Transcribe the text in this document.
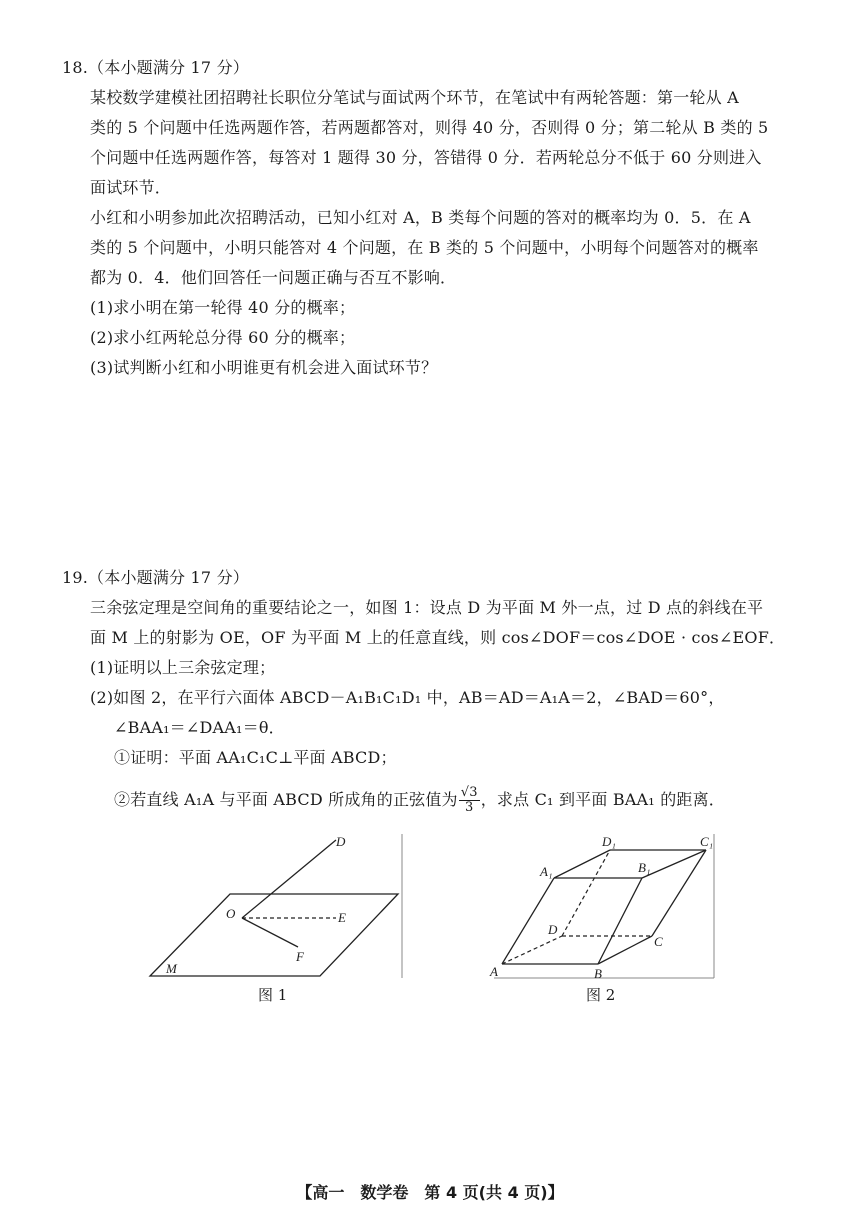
18.（本小题满分 17 分）
某校数学建模社团招聘社长职位分笔试与面试两个环节，在笔试中有两轮答题：第一轮从 A
类的 5 个问题中任选两题作答，若两题都答对，则得 40 分，否则得 0 分；第二轮从 B 类的 5
个问题中任选两题作答，每答对 1 题得 30 分，答错得 0 分．若两轮总分不低于 60 分则进入
面试环节．
小红和小明参加此次招聘活动，已知小红对 A，B 类每个问题的答对的概率均为 0．5．在 A
类的 5 个问题中，小明只能答对 4 个问题，在 B 类的 5 个问题中，小明每个问题答对的概率
都为 0．4．他们回答任一问题正确与否互不影响．
(1)求小明在第一轮得 40 分的概率；
(2)求小红两轮总分得 60 分的概率；
(3)试判断小红和小明谁更有机会进入面试环节？
19.（本小题满分 17 分）
三余弦定理是空间角的重要结论之一，如图 1：设点 D 为平面 M 外一点，过 D 点的斜线在平
面 M 上的射影为 OE，OF 为平面 M 上的任意直线，则 cos∠DOF＝cos∠DOE · cos∠EOF．
(1)证明以上三余弦定理；
(2)如图 2，在平行六面体 ABCD－A₁B₁C₁D₁ 中，AB＝AD＝A₁A＝2，∠BAD＝60°，
∠BAA₁＝∠DAA₁＝θ．
①证明：平面 AA₁C₁C⊥平面 ABCD；
②若直线 A₁A 与平面 ABCD 所成角的正弦值为 $\frac{√3}{3}$ ，求点 C₁ 到平面 BAA₁ 的距离．
D
O	E
F
M
图 1
A	B
C
D
A₁	B₁
C₁
D₁
图 2
【高一　数学卷　第 4 页(共 4 页)】
